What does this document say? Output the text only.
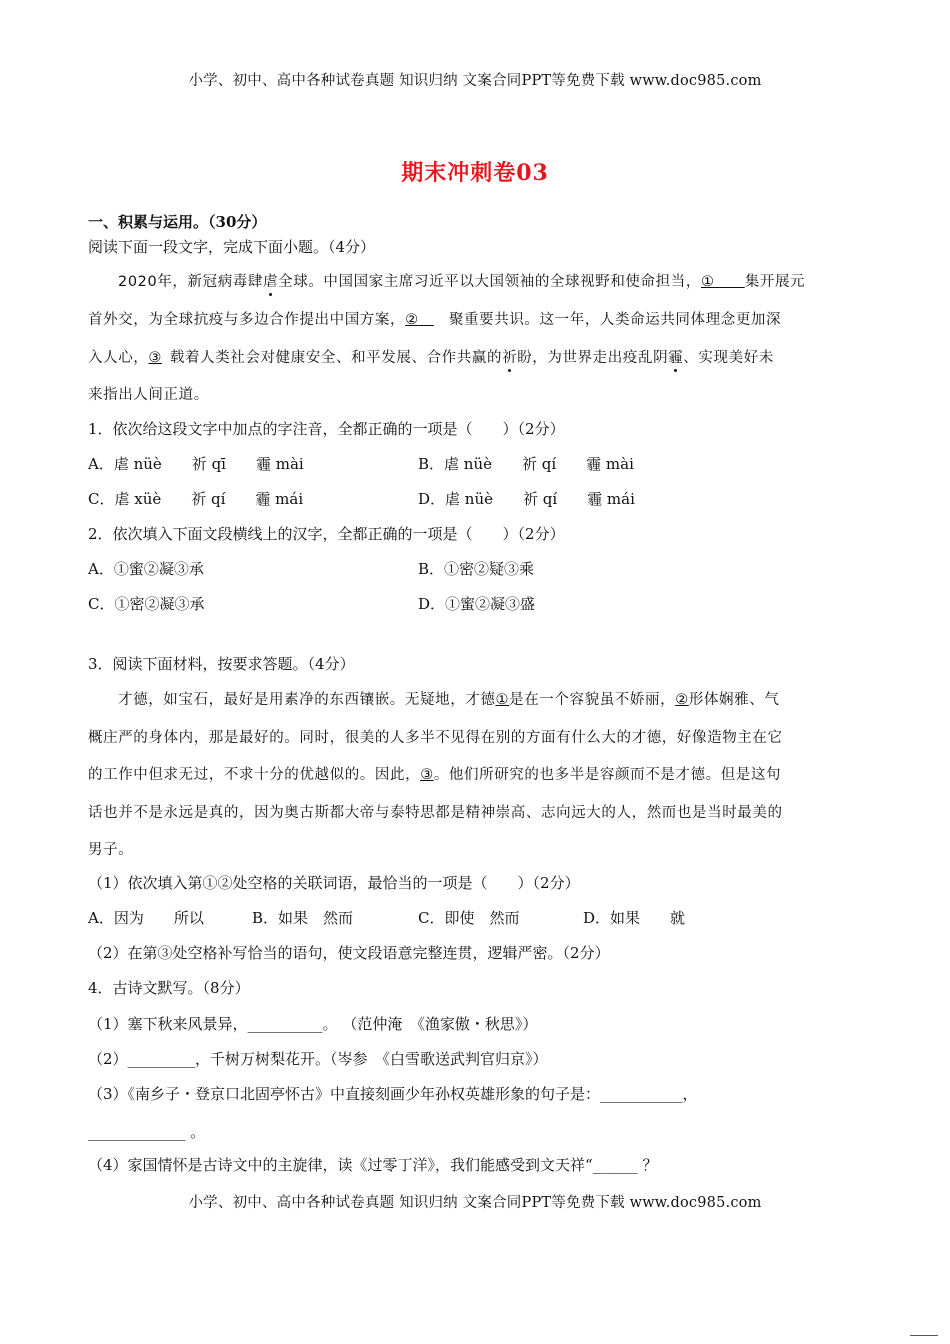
小学、初中、高中各种试卷真题 知识归纳 文案合同PPT等免费下载 www.doc985.com
期末冲刺卷03
一、积累与运用。（30分）
阅读下面一段文字，完成下面小题。（4分）
2020年，新冠病毒肆虐全球。中国国家主席习近平以大国领袖的全球视野和使命担当，①　　 集开展元
首外交，为全球抗疫与多边合作提出中国方案，②　　 聚重要共识。这一年，人类命运共同体理念更加深
入人心，③  载着人类社会对健康安全、和平发展、合作共赢的祈盼，为世界走出疫乱阴霾、实现美好未
来指出人间正道。
1．依次给这段文字中加点的字注音，全都正确的一项是（　　）（2分）
A．虐 nüè　　祈 qī　　霾 mài	B．虐 nüè　　祈 qí　　霾 mài
C．虐 xüè　　祈 qí　　霾 mái	D．虐 nüè　　祈 qí　　霾 mái
2．依次填入下面文段横线上的汉字，全都正确的一项是（　　）（2分）
A．①蜜②凝③承	B．①密②疑③乘
C．①密②凝③承	D．①蜜②凝③盛
3．阅读下面材料，按要求答题。（4分）
才德，如宝石，最好是用素净的东西镶嵌。无疑地，才德①是在一个容貌虽不娇丽，②形体娴雅、气
概庄严的身体内，那是最好的。同时，很美的人多半不见得在别的方面有什么大的才德，好像造物主在它
的工作中但求无过，不求十分的优越似的。因此，③。他们所研究的也多半是容颜而不是才德。但是这句
话也并不是永远是真的，因为奥古斯都大帝与泰特思都是精神崇高、志向远大的人，然而也是当时最美的
男子。
（1）依次填入第①②处空格的关联词语，最恰当的一项是（　　）（2分）
A．因为　　所以	B．如果　然而	C．即使　然而	D．如果　　就
（2）在第③处空格补写恰当的语句，使文段语意完整连贯，逻辑严密。（2分）
4．古诗文默写。（8分）
（1）塞下秋来风景异，__________。 （范仲淹　《渔家傲・秋思》）
（2）_________，千树万树梨花开。（岑参　《白雪歌送武判官归京》）
（3）《南乡子・登京口北固亭怀古》中直接刻画少年孙权英雄形象的句子是：___________，
_____________ 。
（4）家国情怀是古诗文中的主旋律，读《过零丁洋》，我们能感受到文天祥“______ ？
小学、初中、高中各种试卷真题 知识归纳 文案合同PPT等免费下载 www.doc985.com
